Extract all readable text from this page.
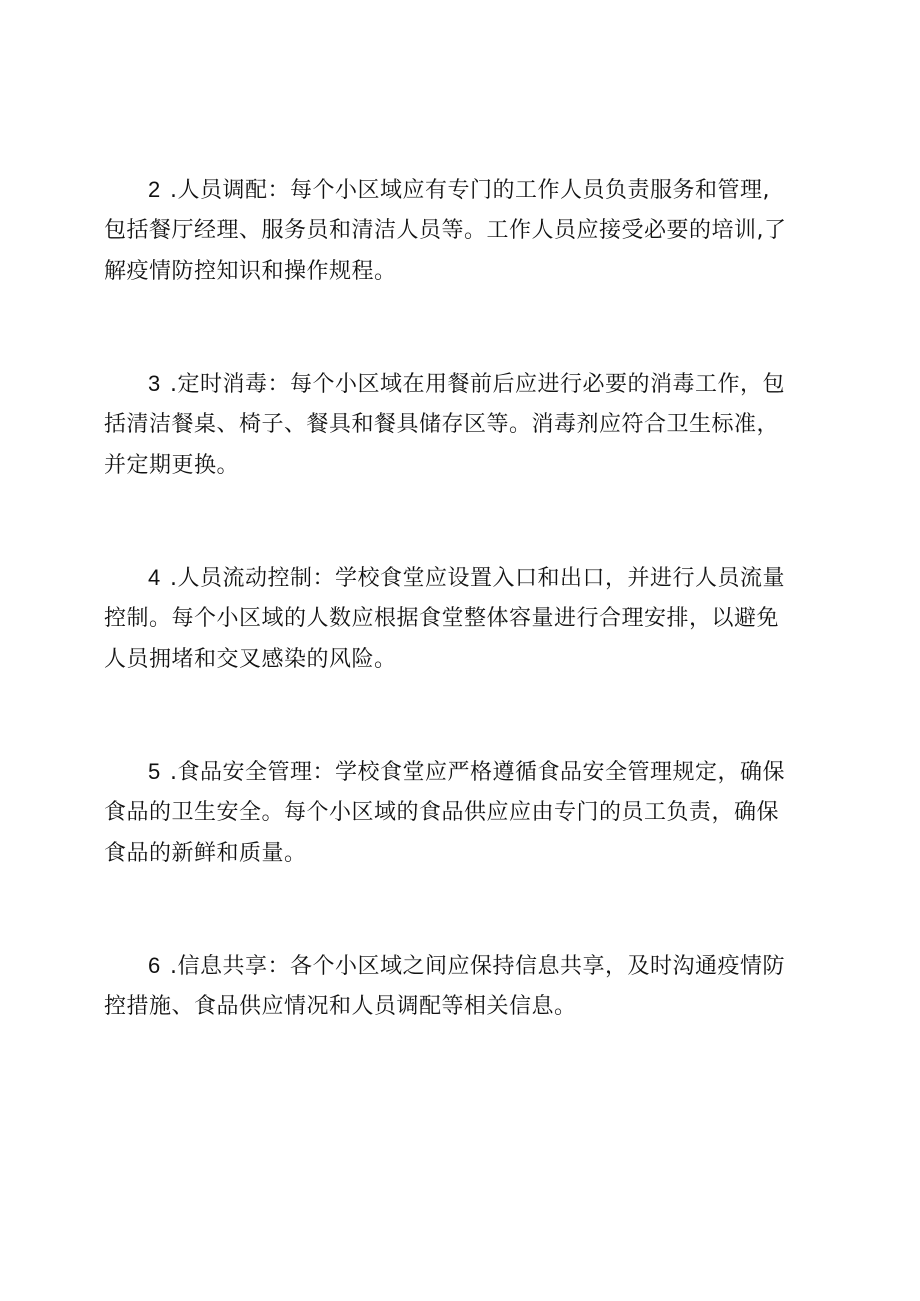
2 .人员调配：每个小区域应有专门的工作人员负责服务和管理,
包括餐厅经理、服务员和清洁人员等。工作人员应接受必要的培训,了
解疫情防控知识和操作规程。
3 .定时消毒：每个小区域在用餐前后应进行必要的消毒工作，包
括清洁餐桌、椅子、餐具和餐具储存区等。消毒剂应符合卫生标准，
并定期更换。
4 .人员流动控制：学校食堂应设置入口和出口，并进行人员流量
控制。每个小区域的人数应根据食堂整体容量进行合理安排，以避免
人员拥堵和交叉感染的风险。
5 .食品安全管理：学校食堂应严格遵循食品安全管理规定，确保
食品的卫生安全。每个小区域的食品供应应由专门的员工负责，确保
食品的新鲜和质量。
6 .信息共享：各个小区域之间应保持信息共享，及时沟通疫情防
控措施、食品供应情况和人员调配等相关信息。
